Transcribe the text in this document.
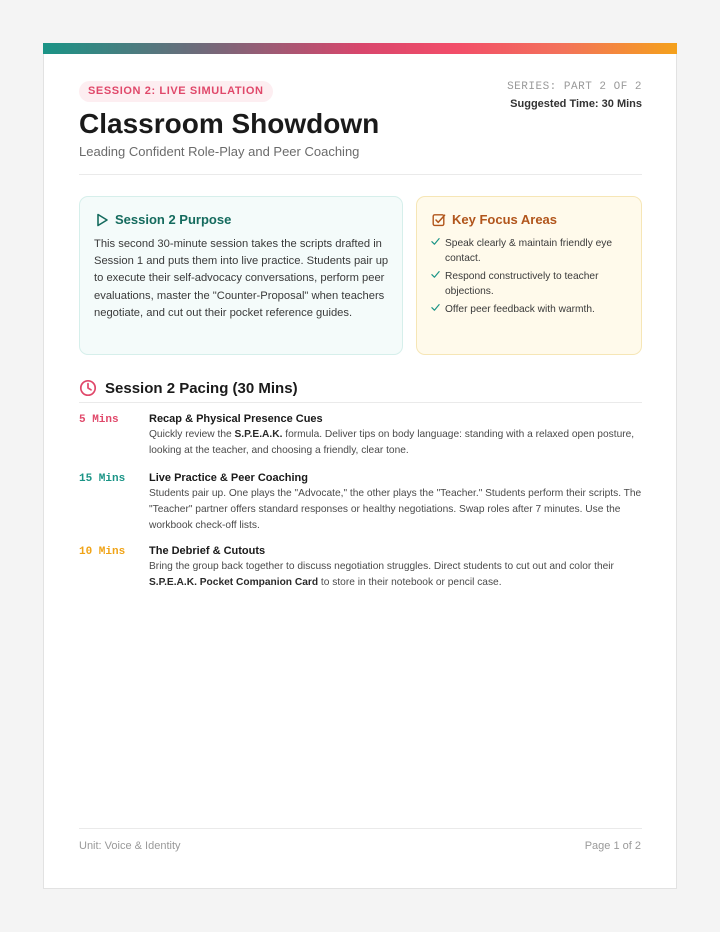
SESSION 2: LIVE SIMULATION	SERIES: PART 2 OF 2
Suggested Time: 30 Mins
Classroom Showdown
Leading Confident Role-Play and Peer Coaching
Session 2 Purpose
This second 30-minute session takes the scripts drafted in Session 1 and puts them into live practice. Students pair up to execute their self-advocacy conversations, perform peer evaluations, master the "Counter-Proposal" when teachers negotiate, and cut out their pocket reference guides.
Key Focus Areas
Speak clearly & maintain friendly eye contact.
Respond constructively to teacher objections.
Offer peer feedback with warmth.
Session 2 Pacing (30 Mins)
5 Mins	Recap & Physical Presence Cues
Quickly review the S.P.E.A.K. formula. Deliver tips on body language: standing with a relaxed open posture, looking at the teacher, and choosing a friendly, clear tone.
15 Mins Live Practice & Peer Coaching
Students pair up. One plays the "Advocate," the other plays the "Teacher." Students perform their scripts. The "Teacher" partner offers standard responses or healthy negotiations. Swap roles after 7 minutes. Use the workbook check-off lists.
10 Mins The Debrief & Cutouts
Bring the group back together to discuss negotiation struggles. Direct students to cut out and color their S.P.E.A.K. Pocket Companion Card to store in their notebook or pencil case.
Unit: Voice & Identity	Page 1 of 2
